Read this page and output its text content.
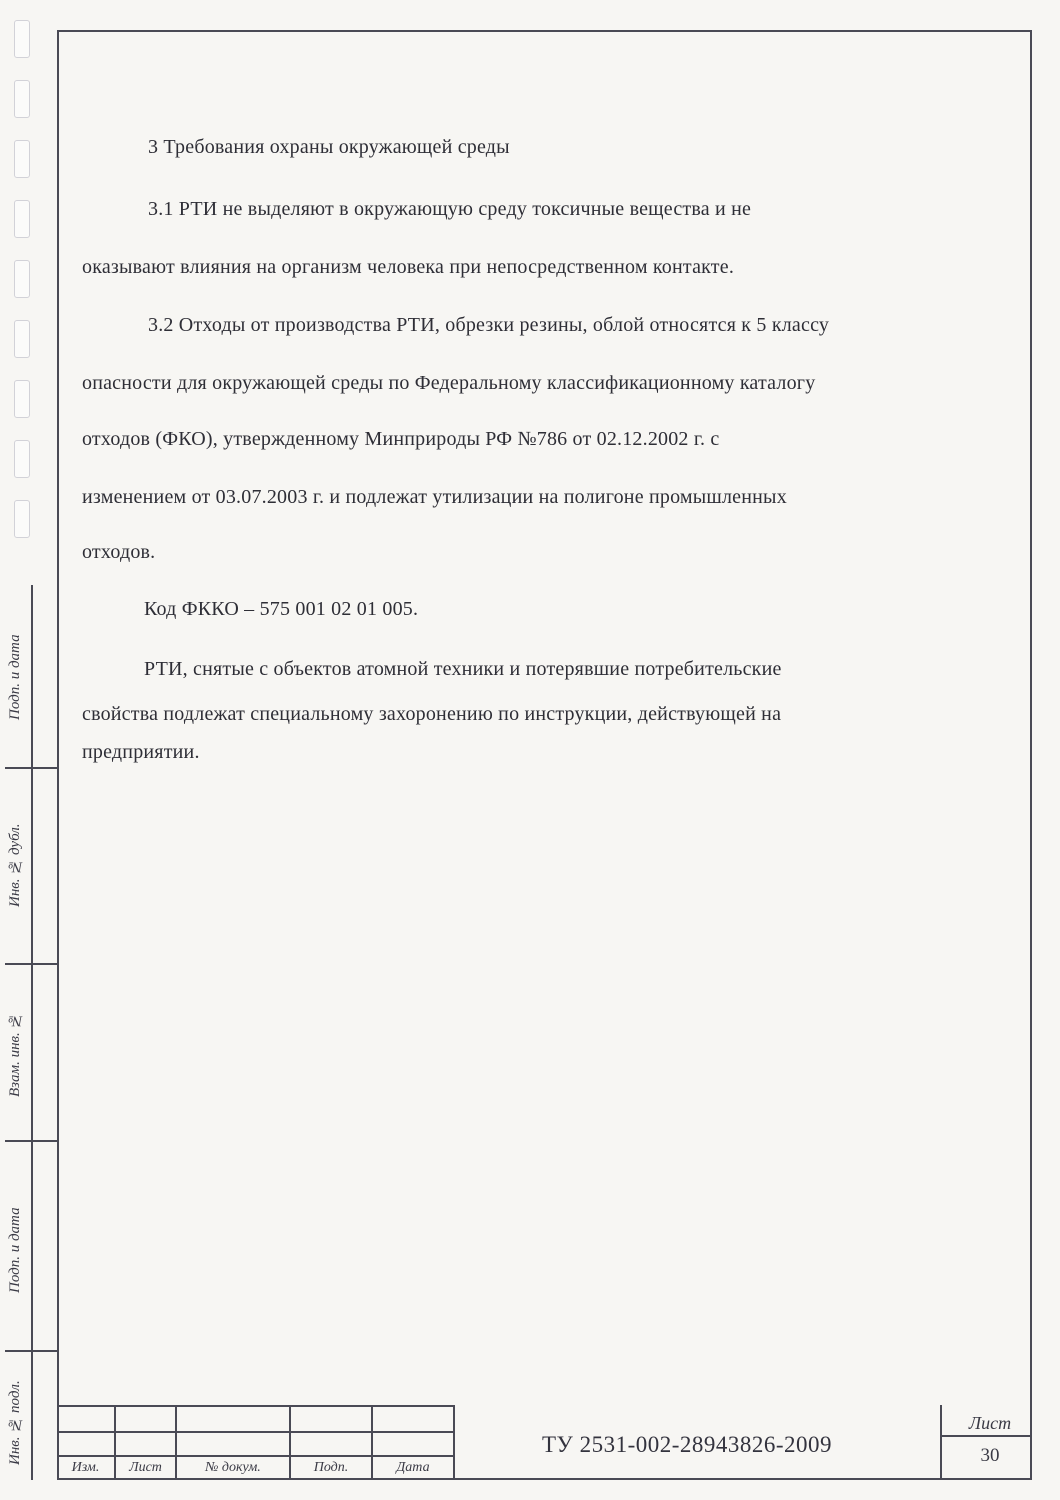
Инв. № подл.
Подп. и дата
Взам. инв. №
Инв. № дубл.
Подп. и дата
3 Требования охраны окружающей среды
3.1 РТИ не выделяют в окружающую среду токсичные вещества и не
оказывают влияния на организм человека при непосредственном контакте.
3.2 Отходы от производства РТИ, обрезки резины, облой относятся к 5 классу
опасности для окружающей среды по Федеральному классификационному каталогу
отходов (ФКО), утвержденному Минприроды РФ №786 от 02.12.2002 г. с
изменением от 03.07.2003 г. и подлежат утилизации на полигоне промышленных
отходов.
Код ФККО – 575 001 02 01 005.
РТИ, снятые с объектов атомной техники и потерявшие потребительские
свойства подлежат специальному захоронению по инструкции, действующей на
предприятии.
Изм.	Лист	№ докум.	Подп.	Дата
ТУ 2531-002-28943826-2009
Лист
30
